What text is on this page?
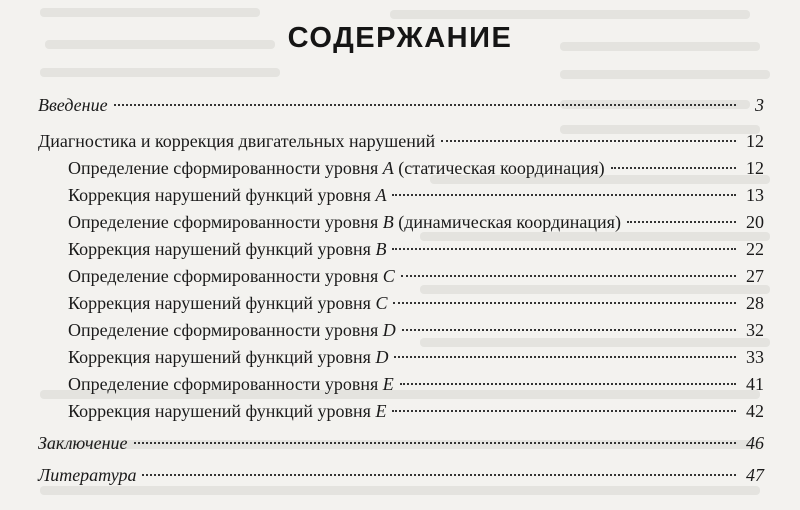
СОДЕРЖАНИЕ
Введение	3
Диагностика и коррекция двигательных нарушений	12
Определение сформированности уровня A (статическая координация)	12
Коррекция нарушений функций уровня A	13
Определение сформированности уровня B (динамическая координация)	20
Коррекция нарушений функций уровня B	22
Определение сформированности уровня C	27
Коррекция нарушений функций уровня C	28
Определение сформированности уровня D	32
Коррекция нарушений функций уровня D	33
Определение сформированности уровня E	41
Коррекция нарушений функций уровня E	42
Заключение	46
Литература	47
